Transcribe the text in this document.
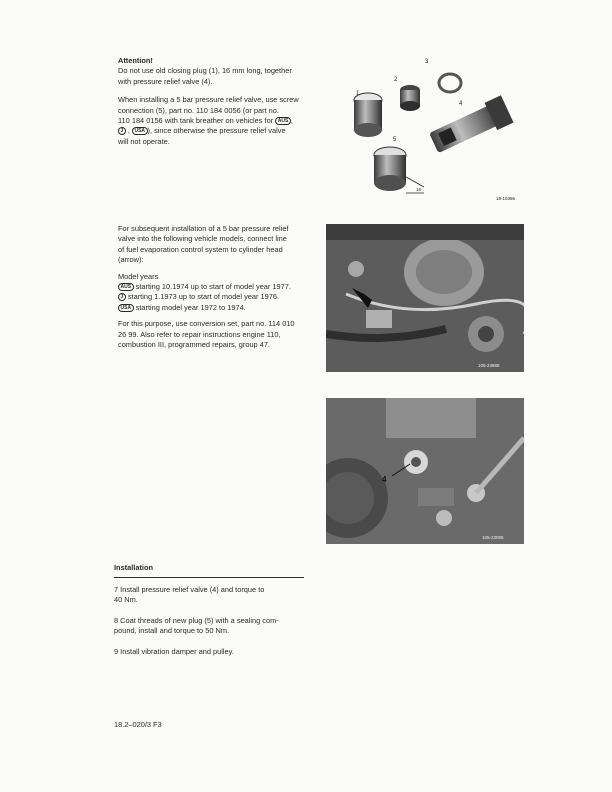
Attention!

Do not use old closing plug (1), 16 mm long, together

with pressure relief valve (4).

When installing a 5 bar pressure relief valve, use screw

connection (5), part no. 110 184 0056 (or part no.

110 184 0156 with tank breather on vehicles for AUS ,

J , USA ), since otherwise the pressure relief valve

will not operate.

1
2
3
4
5
16
18-10366

For subsequent installation of a 5 bar pressure relief

valve into the following vehicle models, connect line

of fuel evaporation control system to cylinder head

(arrow):

Model years

AUS starting 10.1974 up to start of model year 1977.

J starting 1.1973 up to start of model year 1976.

USA starting model year 1972 to 1974.

For this purpose, use conversion set, part no. 114 010

26 99. Also refer to repair instructions engine 110,

combustion III, programmed repairs, group 47.

105-23888
4
105-23095
Installation

7 Install pressure relief valve (4) and torque to

40 Nm.

8 Coat threads of new plug (5) with a sealing com-

pound, install and torque to 50 Nm.

9 Install vibration damper and pulley.

18.2–020/3 F3
